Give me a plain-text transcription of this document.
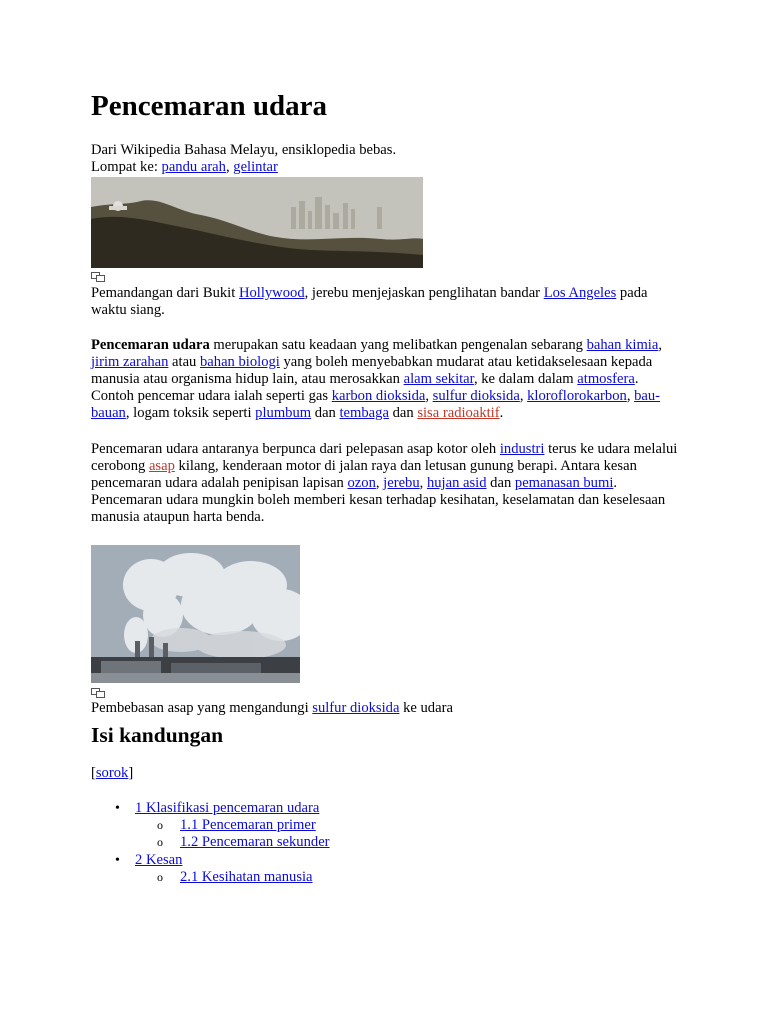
Pencemaran udara
Dari Wikipedia Bahasa Melayu, ensiklopedia bebas.
Lompat ke: pandu arah, gelintar
Pemandangan dari Bukit Hollywood, jerebu menjejaskan penglihatan bandar Los Angeles pada waktu siang.
Pencemaran udara merupakan satu keadaan yang melibatkan pengenalan sebarang bahan kimia, jirim zarahan atau bahan biologi yang boleh menyebabkan mudarat atau ketidakselesaan kepada manusia atau organisma hidup lain, atau merosakkan alam sekitar, ke dalam dalam atmosfera. Contoh pencemar udara ialah seperti gas karbon dioksida, sulfur dioksida, kloroflorokarbon, bau-bauan, logam toksik seperti plumbum dan tembaga dan sisa radioaktif.
Pencemaran udara antaranya berpunca dari pelepasan asap kotor oleh industri terus ke udara melalui cerobong asap kilang, kenderaan motor di jalan raya dan letusan gunung berapi. Antara kesan pencemaran udara adalah penipisan lapisan ozon, jerebu, hujan asid dan pemanasan bumi. Pencemaran udara mungkin boleh memberi kesan terhadap kesihatan, keselamatan dan keselesaan manusia ataupun harta benda.
Pembebasan asap yang mengandungi sulfur dioksida ke udara
Isi kandungan
[sorok]
• 1 Klasifikasi pencemaran udara
o 1.1 Pencemaran primer
o 1.2 Pencemaran sekunder
• 2 Kesan
o 2.1 Kesihatan manusia
